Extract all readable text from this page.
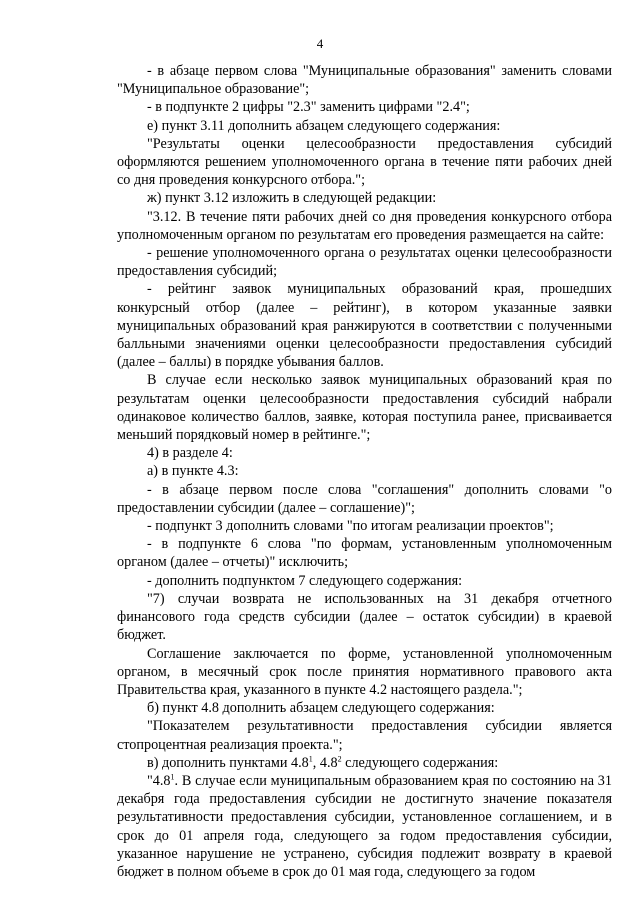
4

- в абзаце первом слова "Муниципальные образования" заменить словами "Муниципальное образование";

- в подпункте 2 цифры "2.3" заменить цифрами "2.4";

е) пункт 3.11 дополнить абзацем следующего содержания:

"Результаты оценки целесообразности предоставления субсидий оформляются решением уполномоченного органа в течение пяти рабочих дней со дня проведения конкурсного отбора.";

ж) пункт 3.12 изложить в следующей редакции:

"3.12. В течение пяти рабочих дней со дня проведения конкурсного отбора уполномоченным органом по результатам его проведения размещается на сайте:

- решение уполномоченного органа о результатах оценки целесообразности предоставления субсидий;

- рейтинг заявок муниципальных образований края, прошедших конкурсный отбор (далее – рейтинг), в котором указанные заявки муниципальных образований края ранжируются в соответствии с полученными балльными значениями оценки целесообразности предоставления субсидий (далее – баллы) в порядке убывания баллов.

В случае если несколько заявок муниципальных образований края по результатам оценки целесообразности предоставления субсидий набрали одинаковое количество баллов, заявке, которая поступила ранее, присваивается меньший порядковый номер в рейтинге.";

4) в разделе 4:

а) в пункте 4.3:

- в абзаце первом после слова "соглашения" дополнить словами "о предоставлении субсидии (далее – соглашение)";

- подпункт 3 дополнить словами "по итогам реализации проектов";

- в подпункте 6 слова "по формам, установленным уполномоченным органом (далее – отчеты)" исключить;

- дополнить подпунктом 7 следующего содержания:

"7) случаи возврата не использованных на 31 декабря отчетного финансового года средств субсидии (далее – остаток субсидии) в краевой бюджет.

Соглашение заключается по форме, установленной уполномоченным органом, в месячный срок после принятия нормативного правового акта Правительства края, указанного в пункте 4.2 настоящего раздела.";

б) пункт 4.8 дополнить абзацем следующего содержания:

"Показателем результативности предоставления субсидии является стопроцентная реализация проекта.";

в) дополнить пунктами $4.8^1$, $4.8^2$ следующего содержания:

"$4.8^1$. В случае если муниципальным образованием края по состоянию на 31 декабря года предоставления субсидии не достигнуто значение показателя результативности предоставления субсидии, установленное соглашением, и в срок до 01 апреля года, следующего за годом предоставления субсидии, указанное нарушение не устранено, субсидия подлежит возврату в краевой бюджет в полном объеме в срок до 01 мая года, следующего за годом
